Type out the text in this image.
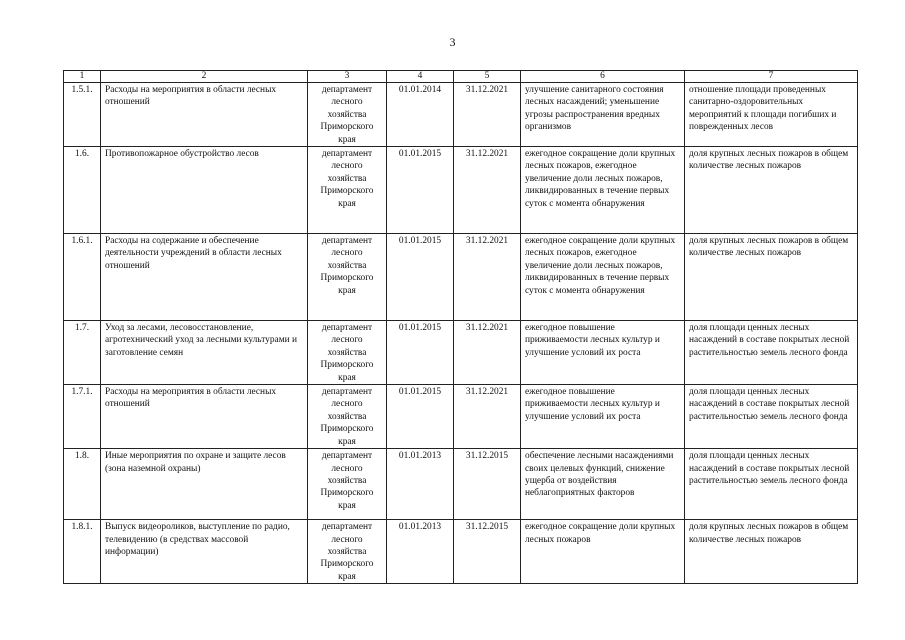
3
1	2	3	4	5	6	7
1.5.1.	Расходы на мероприятия в области лесных отношений	департамент лесного хозяйства Приморского края	01.01.2014	31.12.2021	улучшение санитарного состояния лесных насаждений; уменьшение угрозы распространения вредных организмов	отношение площади проведенных санитарно-оздоровительных мероприятий к площади погибших и поврежденных лесов
1.6.	Противопожарное обустройство лесов	департамент лесного хозяйства Приморского края	01.01.2015	31.12.2021	ежегодное сокращение доли крупных лесных пожаров, ежегодное увеличение доли лесных пожаров, ликвидированных в течение первых суток с момента обнаружения	доля крупных лесных пожаров в общем количестве лесных пожаров
1.6.1.	Расходы на содержание и обеспечение деятельности учреждений в области лесных отношений	департамент лесного хозяйства Приморского края	01.01.2015	31.12.2021	ежегодное сокращение доли крупных лесных пожаров, ежегодное увеличение доли лесных пожаров, ликвидированных в течение первых суток с момента обнаружения	доля крупных лесных пожаров в общем количестве лесных пожаров
1.7.	Уход за лесами, лесовосстановление, агротехнический уход за лесными культурами и заготовление семян	департамент лесного хозяйства Приморского края	01.01.2015	31.12.2021	ежегодное повышение приживаемости лесных культур и улучшение условий их роста	доля площади ценных лесных насаждений в составе покрытых лесной растительностью земель лесного фонда
1.7.1.	Расходы на мероприятия в области лесных отношений	департамент лесного хозяйства Приморского края	01.01.2015	31.12.2021	ежегодное повышение приживаемости лесных культур и улучшение условий их роста	доля площади ценных лесных насаждений в составе покрытых лесной растительностью земель лесного фонда
1.8.	Иные мероприятия по охране и защите лесов (зона наземной охраны)	департамент лесного хозяйства Приморского края	01.01.2013	31.12.2015	обеспечение лесными насаждениями своих целевых функций, снижение ущерба от воздействия неблагоприятных факторов	доля площади ценных лесных насаждений в составе покрытых лесной растительностью земель лесного фонда
1.8.1.	Выпуск видеороликов, выступление по радио, телевидению (в средствах массовой информации)	департамент лесного хозяйства Приморского края	01.01.2013	31.12.2015	ежегодное сокращение доли крупных лесных пожаров	доля крупных лесных пожаров в общем количестве лесных пожаров
